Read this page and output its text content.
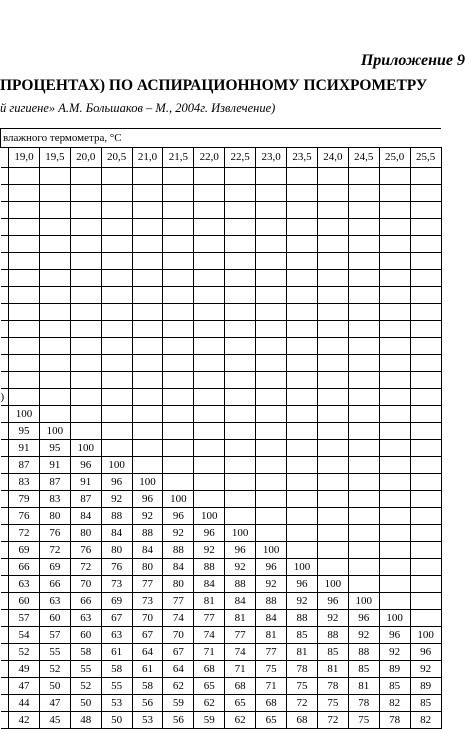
Приложение 9
ПРОЦЕНТАХ) ПО АСПИРАЦИОННОМУ ПСИХРОМЕТРУ
й гигиене» А.М. Большаков – М., 2004г. Извлечение)
влажного термометра, °С														
	19,0	19,5	20,0	20,5	21,0	21,5	22,0	22,5	23,0	23,5	24,0	24,5	25,0	25,5

)														
	100													
	95	100												
	91	95	100											
	87	91	96	100										
	83	87	91	96	100									
	79	83	87	92	96	100								
	76	80	84	88	92	96	100							
	72	76	80	84	88	92	96	100						
	69	72	76	80	84	88	92	96	100					
	66	69	72	76	80	84	88	92	96	100				
	63	66	70	73	77	80	84	88	92	96	100			
	60	63	66	69	73	77	81	84	88	92	96	100		
	57	60	63	67	70	74	77	81	84	88	92	96	100	
	54	57	60	63	67	70	74	77	81	85	88	92	96	100
	52	55	58	61	64	67	71	74	77	81	85	88	92	96
	49	52	55	58	61	64	68	71	75	78	81	85	89	92
	47	50	52	55	58	62	65	68	71	75	78	81	85	89
	44	47	50	53	56	59	62	65	68	72	75	78	82	85
	42	45	48	50	53	56	59	62	65	68	72	75	78	82
